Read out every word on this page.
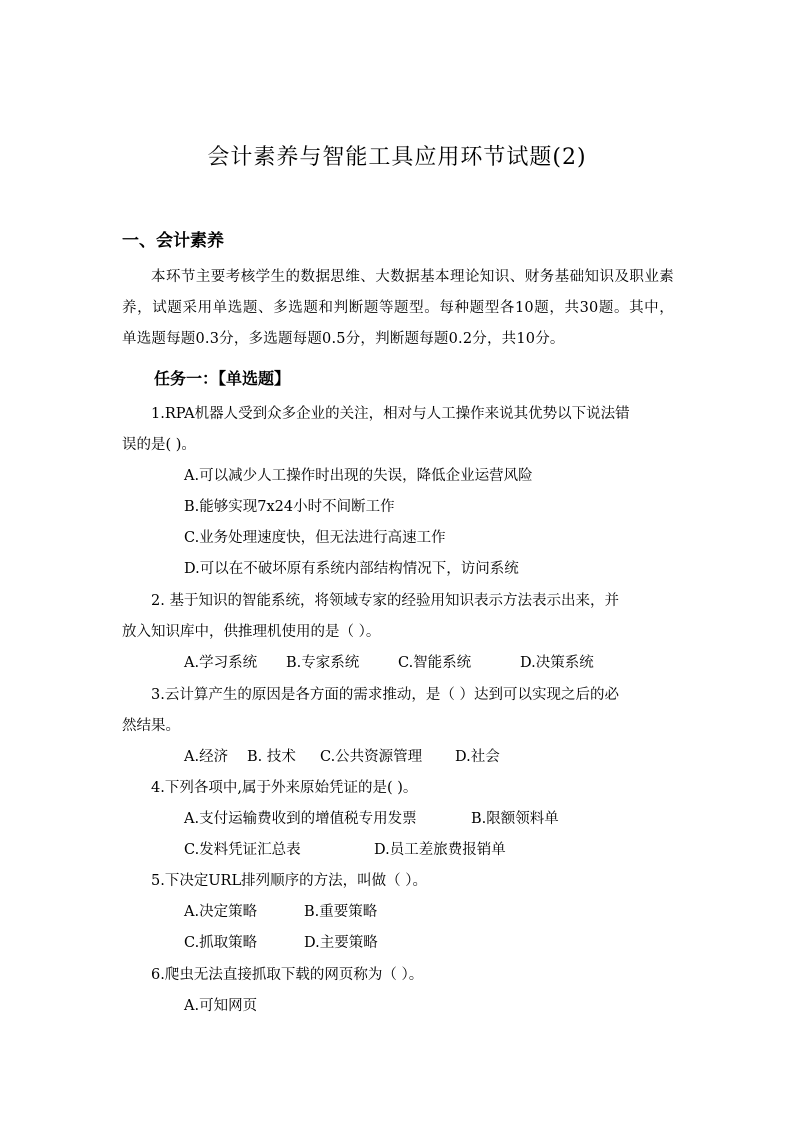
会计素养与智能工具应用环节试题(2)
一、会计素养
本环节主要考核学生的数据思维、大数据基本理论知识、财务基础知识及职业素养，试题采用单选题、多选题和判断题等题型。每种题型各10题，共30题。其中，单选题每题0.3分，多选题每题0.5分，判断题每题0.2分，共10分。
任务一：【单选题】
1.RPA机器人受到众多企业的关注，相对与人工操作来说其优势以下说法错
误的是( )。
A.可以减少人工操作时出现的失误，降低企业运营风险
B.能够实现7x24小时不间断工作
C.业务处理速度快，但无法进行高速工作
D.可以在不破坏原有系统内部结构情况下，访问系统
2. 基于知识的智能系统，将领域专家的经验用知识表示方法表示出来，并
放入知识库中，供推理机使用的是（ ）。
A.学习系统 B.专家系统	C.智能系统	D.决策系统
3.云计算产生的原因是各方面的需求推动，是（ ）达到可以实现之后的必
然结果。
A.经济 B. 技术 C.公共资源管理 D.社会
4.下列各项中,属于外来原始凭证的是( )。
A.支付运输费收到的增值税专用发票	B.限额领料单
C.发料凭证汇总表	D.员工差旅费报销单
5.下决定URL排列顺序的方法，叫做（ ）。
A.决定策略	B.重要策略
C.抓取策略	D.主要策略
6.爬虫无法直接抓取下载的网页称为（ ）。
A.可知网页
